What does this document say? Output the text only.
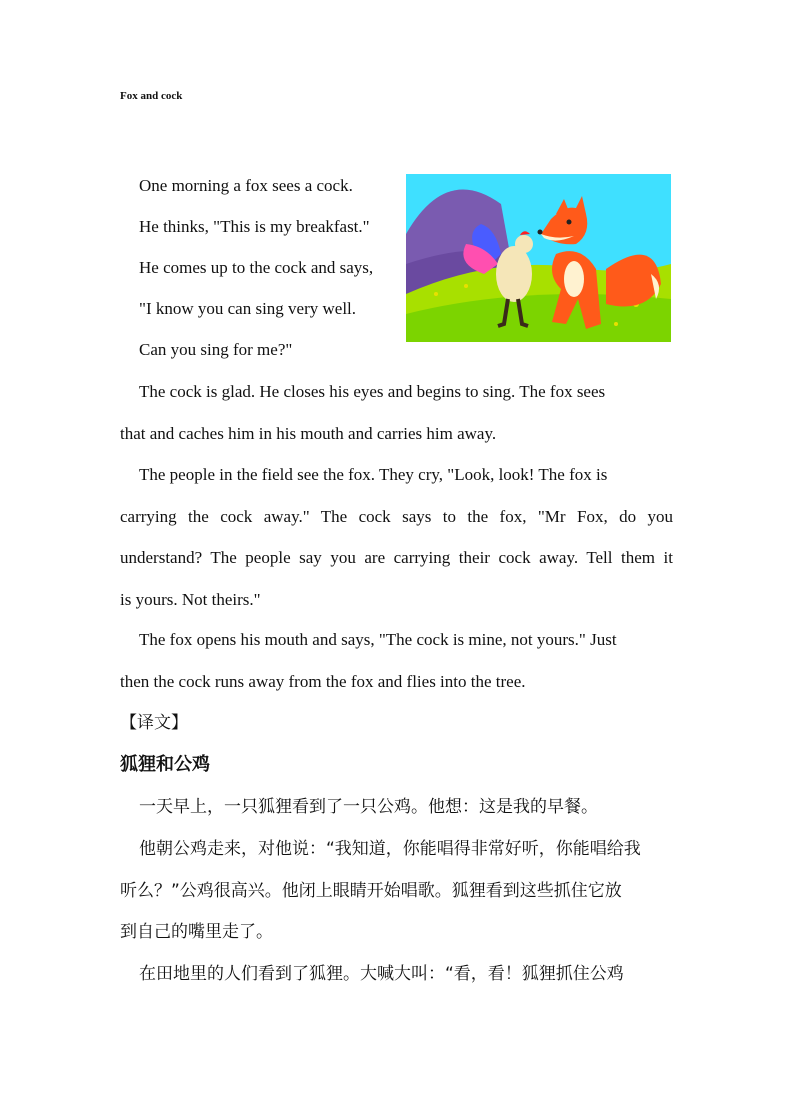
Fox and cock
One morning a fox sees a cock.
He thinks, "This is my breakfast."
He comes up to the cock and says,
"I know you can sing very well.
Can you sing for me?"
The cock is glad. He closes his eyes and begins to sing. The fox sees
that and caches him in his mouth and carries him away.
The people in the field see the fox. They cry, "Look, look! The fox is
carrying the cock away." The cock says to the fox, "Mr Fox, do you
understand? The people say you are carrying their cock away. Tell them it
is yours. Not theirs."
The fox opens his mouth and says, "The cock is mine, not yours." Just
then the cock runs away from the fox and flies into the tree.
【译文】
狐狸和公鸡
一天早上，一只狐狸看到了一只公鸡。他想：这是我的早餐。
他朝公鸡走来，对他说：“我知道，你能唱得非常好听，你能唱给我
听么？”公鸡很高兴。他闭上眼睛开始唱歌。狐狸看到这些抓住它放
到自己的嘴里走了。
在田地里的人们看到了狐狸。大喊大叫：“看，看！狐狸抓住公鸡
